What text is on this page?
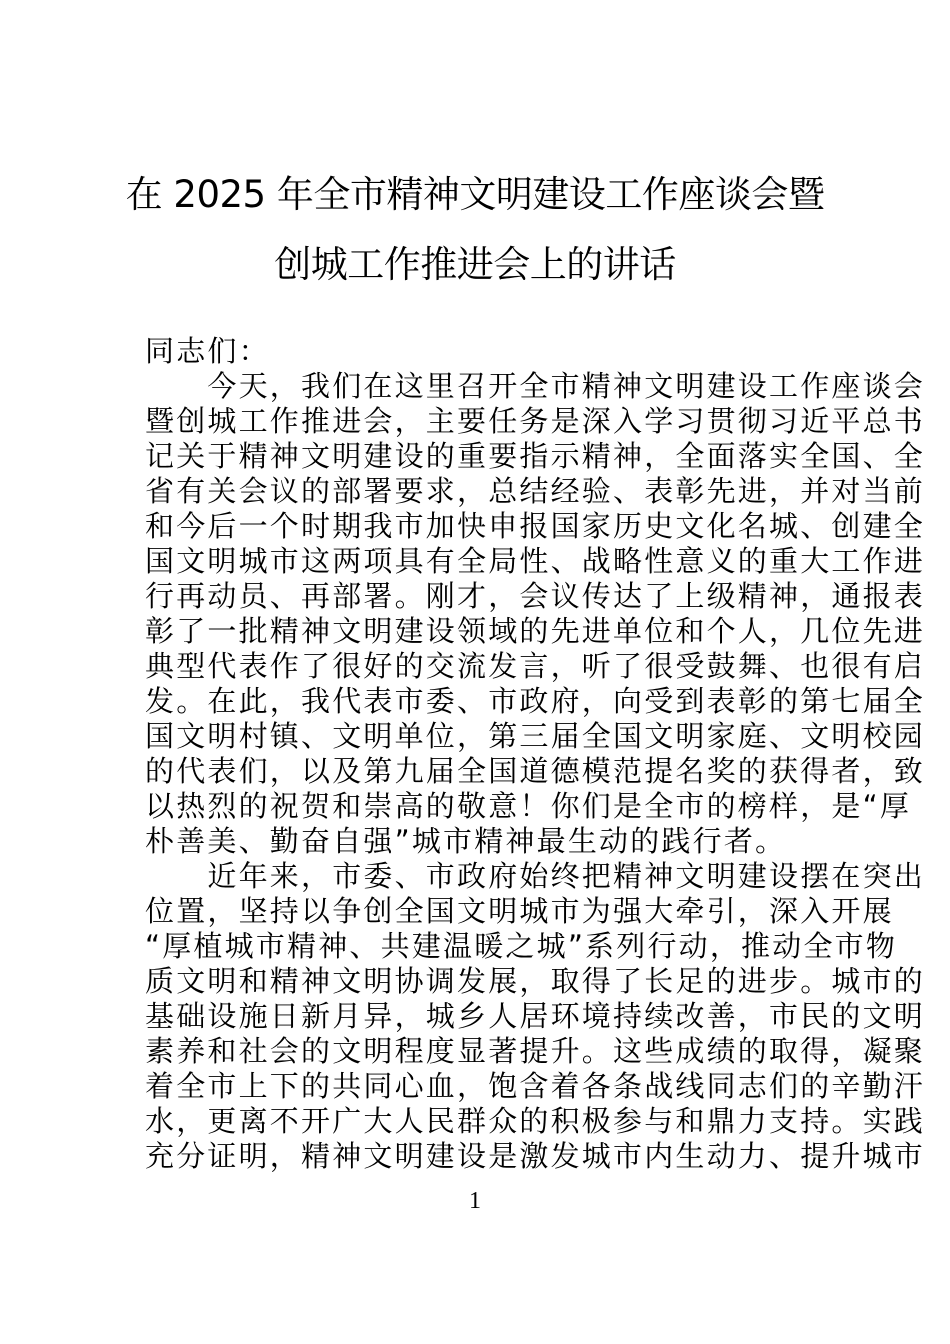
在 2025 年全市精神文明建设工作座谈会暨
创城工作推进会上的讲话
同志们：
　　今天，我们在这里召开全市精神文明建设工作座谈会
暨创城工作推进会，主要任务是深入学习贯彻习近平总书
记关于精神文明建设的重要指示精神，全面落实全国、全
省有关会议的部署要求，总结经验、表彰先进，并对当前
和今后一个时期我市加快申报国家历史文化名城、创建全
国文明城市这两项具有全局性、战略性意义的重大工作进
行再动员、再部署。刚才，会议传达了上级精神，通报表
彰了一批精神文明建设领域的先进单位和个人，几位先进
典型代表作了很好的交流发言，听了很受鼓舞、也很有启
发。在此，我代表市委、市政府，向受到表彰的第七届全
国文明村镇、文明单位，第三届全国文明家庭、文明校园
的代表们，以及第九届全国道德模范提名奖的获得者，致
以热烈的祝贺和崇高的敬意！你们是全市的榜样，是“厚
朴善美、勤奋自强”城市精神最生动的践行者。
　　近年来，市委、市政府始终把精神文明建设摆在突出
位置，坚持以争创全国文明城市为强大牵引，深入开展
“厚植城市精神、共建温暖之城”系列行动，推动全市物
质文明和精神文明协调发展，取得了长足的进步。城市的
基础设施日新月异，城乡人居环境持续改善，市民的文明
素养和社会的文明程度显著提升。这些成绩的取得，凝聚
着全市上下的共同心血，饱含着各条战线同志们的辛勤汗
水，更离不开广大人民群众的积极参与和鼎力支持。实践
充分证明，精神文明建设是激发城市内生动力、提升城市
1
